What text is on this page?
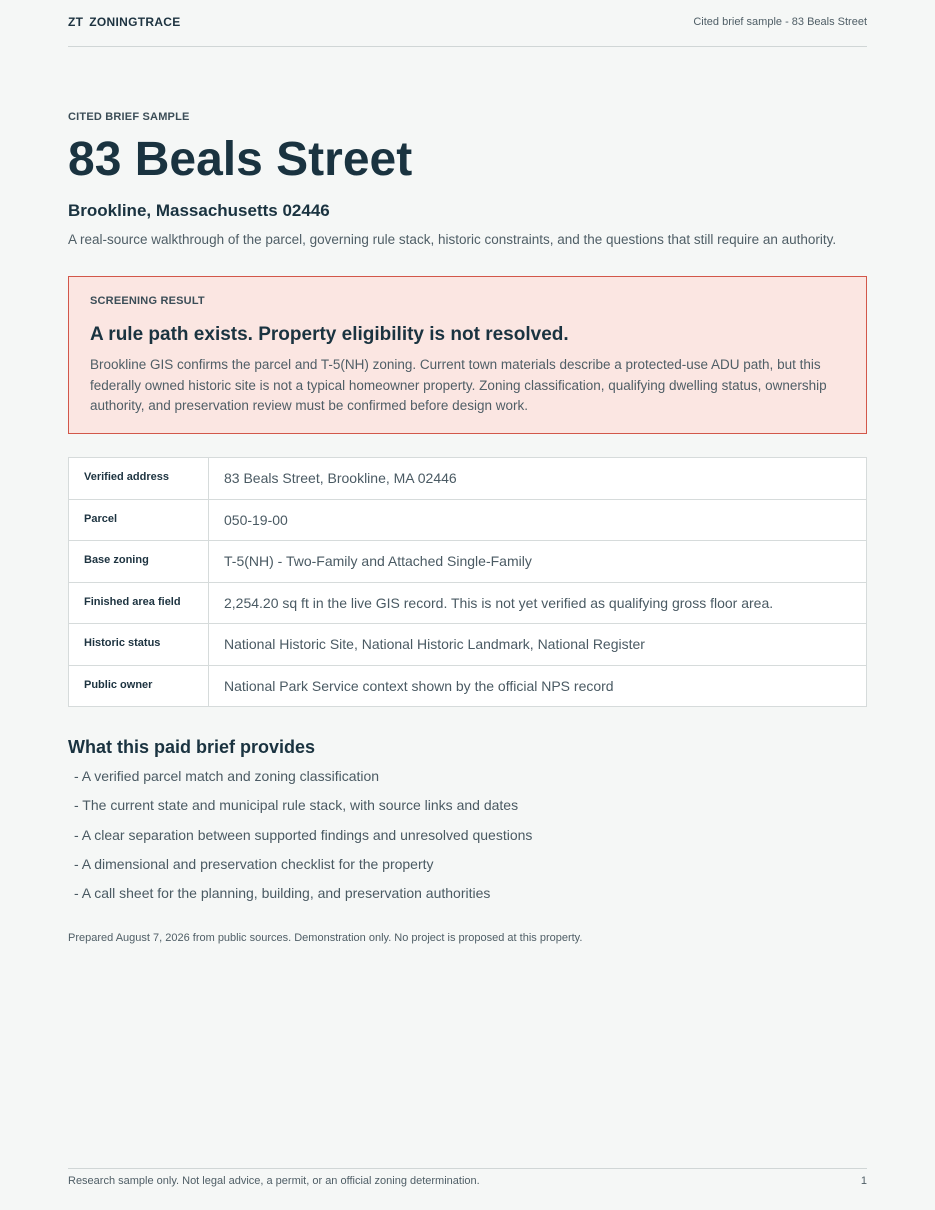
ZT ZONINGTRACE	Cited brief sample - 83 Beals Street
CITED BRIEF SAMPLE
83 Beals Street
Brookline, Massachusetts 02446
A real-source walkthrough of the parcel, governing rule stack, historic constraints, and the questions that still require an authority.
SCREENING RESULT
A rule path exists. Property eligibility is not resolved.
Brookline GIS confirms the parcel and T-5(NH) zoning. Current town materials describe a protected-use ADU path, but this federally owned historic site is not a typical homeowner property. Zoning classification, qualifying dwelling status, ownership authority, and preservation review must be confirmed before design work.
Verified address	83 Beals Street, Brookline, MA 02446
Parcel	050-19-00
Base zoning	T-5(NH) - Two-Family and Attached Single-Family
Finished area field	2,254.20 sq ft in the live GIS record. This is not yet verified as qualifying gross floor area.
Historic status	National Historic Site, National Historic Landmark, National Register
Public owner	National Park Service context shown by the official NPS record
What this paid brief provides
- A verified parcel match and zoning classification
- The current state and municipal rule stack, with source links and dates
- A clear separation between supported findings and unresolved questions
- A dimensional and preservation checklist for the property
- A call sheet for the planning, building, and preservation authorities
Prepared August 7, 2026 from public sources. Demonstration only. No project is proposed at this property.
Research sample only. Not legal advice, a permit, or an official zoning determination.	1
